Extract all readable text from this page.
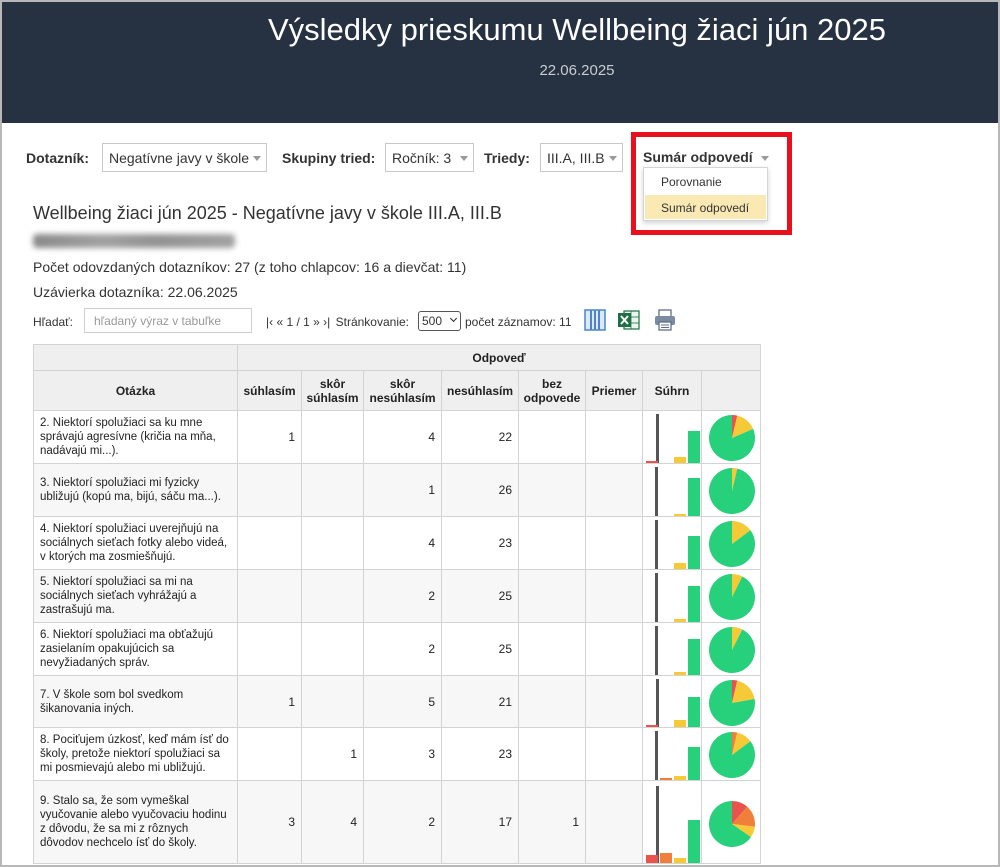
Výsledky prieskumu Wellbeing žiaci jún 2025
22.06.2025
Dotazník:	Negatívne javy v škole	Skupiny tried:	Ročník: 3	Triedy:	III.A, III.B	Sumár odpovedí
Porovnanie
Sumár odpovedí
Wellbeing žiaci jún 2025 - Negatívne javy v škole III.A, III.B
Počet odovzdaných dotazníkov: 27 (z toho chlapcov: 16 a dievčat: 11)
Uzávierka dotazníka: 22.06.2025
Hľadať:
hľadaný výraz v tabuľke	|‹ « 1 / 1 » ›| Stránkovanie:	500	počet záznamov: 11
	Odpoveď							
Otázka	súhlasím	skôr súhlasím	skôr nesúhlasím	nesúhlasím	bez odpovede	Priemer	Súhrn	
2. Niektorí spolužiaci sa ku mne správajú agresívne (kričia na mňa, nadávajú mi...).	1		4	22			

3. Niektorí spolužiaci mi fyzicky ubližujú (kopú ma, bijú, sáču ma...).			1	26			

4. Niektorí spolužiaci uverejňujú na sociálnych sieťach fotky alebo videá, v ktorých ma zosmiešňujú.			4	23			

5. Niektorí spolužiaci sa mi na sociálnych sieťach vyhrážajú a zastrašujú ma.			2	25			

6. Niektorí spolužiaci ma obťažujú zasielaním opakujúcich sa nevyžiadaných správ.			2	25			

7. V škole som bol svedkom šikanovania iných.	1		5	21			

8. Pociťujem úzkosť, keď mám ísť do školy, pretože niektorí spolužiaci sa mi posmievajú alebo mi ubližujú.		1	3	23			

9. Stalo sa, že som vymeškal vyučovanie alebo vyučovaciu hodinu z dôvodu, že sa mi z rôznych dôvodov nechcelo ísť do školy.	3	4	2	17	1		
